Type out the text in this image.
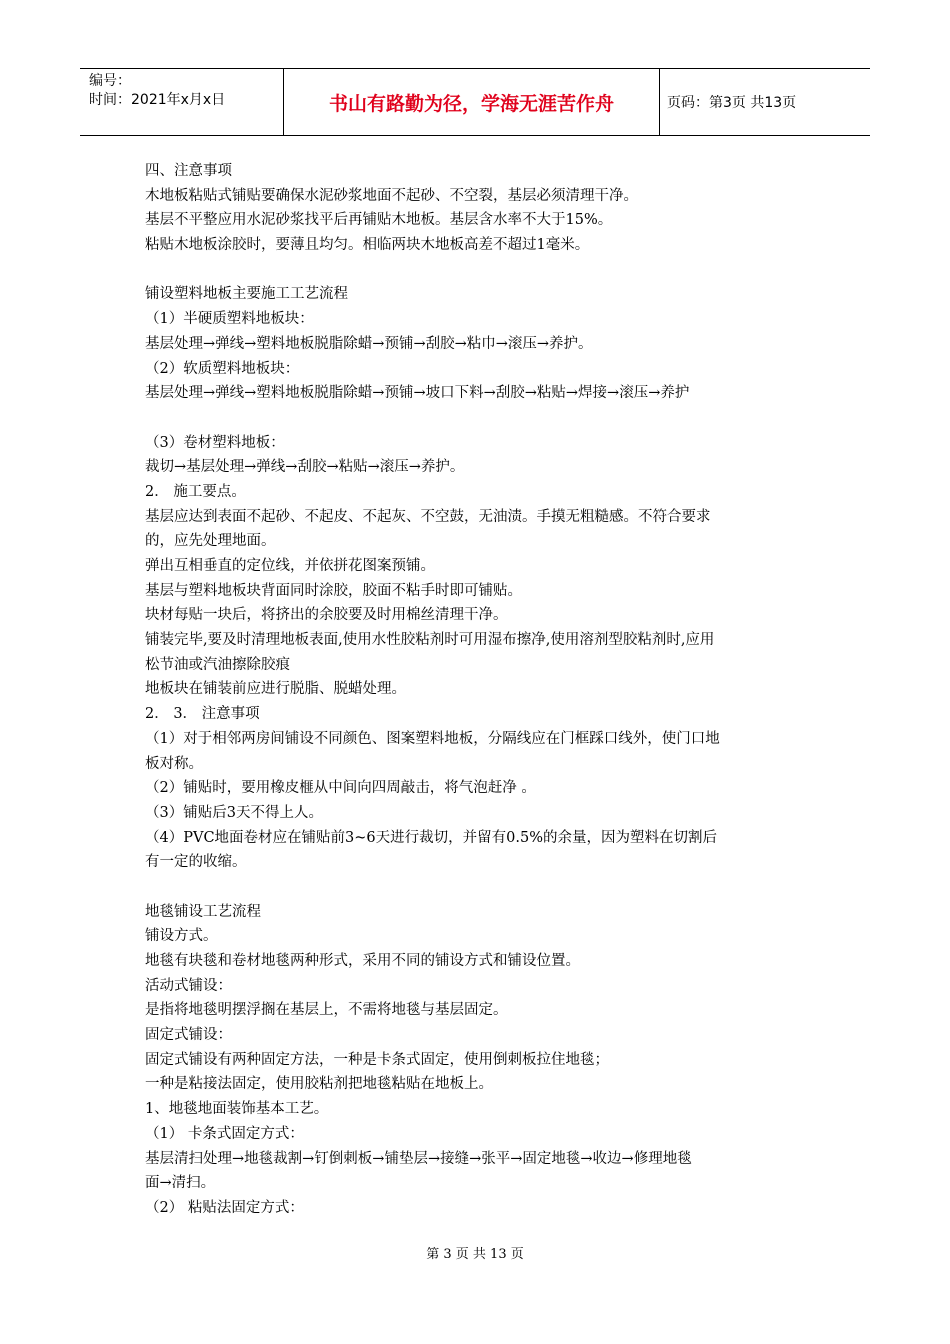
编号：
时间：2021年x月x日	书山有路勤为径，学海无涯苦作舟	页码：第3页 共13页
四、注意事项
木地板粘贴式铺贴要确保水泥砂浆地面不起砂、不空裂，基层必须清理干净。
基层不平整应用水泥砂浆找平后再铺贴木地板。基层含水率不大于15%。
粘贴木地板涂胶时，要薄且均匀。相临两块木地板高差不超过1毫米。
铺设塑料地板主要施工工艺流程
（1）半硬质塑料地板块：
基层处理→弹线→塑料地板脱脂除蜡→预铺→刮胶→粘巾→滚压→养护。
（2）软质塑料地板块：
基层处理→弹线→塑料地板脱脂除蜡→预铺→坡口下料→刮胶→粘贴→焊接→滚压→养护
（3）卷材塑料地板：
裁切→基层处理→弹线→刮胶→粘贴→滚压→养护。
2． 施工要点。
基层应达到表面不起砂、不起皮、不起灰、不空鼓，无油渍。手摸无粗糙感。不符合要求
的，应先处理地面。
弹出互相垂直的定位线，并依拼花图案预铺。
基层与塑料地板块背面同时涂胶，胶面不粘手时即可铺贴。
块材每贴一块后，将挤出的余胶要及时用棉丝清理干净。
铺装完毕,要及时清理地板表面,使用水性胶粘剂时可用湿布擦净,使用溶剂型胶粘剂时,应用
松节油或汽油擦除胶痕
地板块在铺装前应进行脱脂、脱蜡处理。
2． 3． 注意事项
（1）对于相邻两房间铺设不同颜色、图案塑料地板，分隔线应在门框踩口线外，使门口地
板对称。
（2）铺贴时，要用橡皮榧从中间向四周敲击，将气泡赶净 。
（3）铺贴后3天不得上人。
（4）PVC地面卷材应在铺贴前3~6天进行裁切，并留有0.5%的余量，因为塑料在切割后
有一定的收缩。
地毯铺设工艺流程
铺设方式。
地毯有块毯和卷材地毯两种形式，采用不同的铺设方式和铺设位置。
活动式铺设：
是指将地毯明摆浮搁在基层上，不需将地毯与基层固定。
固定式铺设：
固定式铺设有两种固定方法，一种是卡条式固定，使用倒刺板拉住地毯；
一种是粘接法固定，使用胶粘剂把地毯粘贴在地板上。
1、地毯地面装饰基本工艺。
（1） 卡条式固定方式：
基层清扫处理→地毯裁割→钉倒刺板→铺垫层→接缝→张平→固定地毯→收边→修理地毯
面→清扫。
（2） 粘贴法固定方式：
第 3 页 共 13 页
